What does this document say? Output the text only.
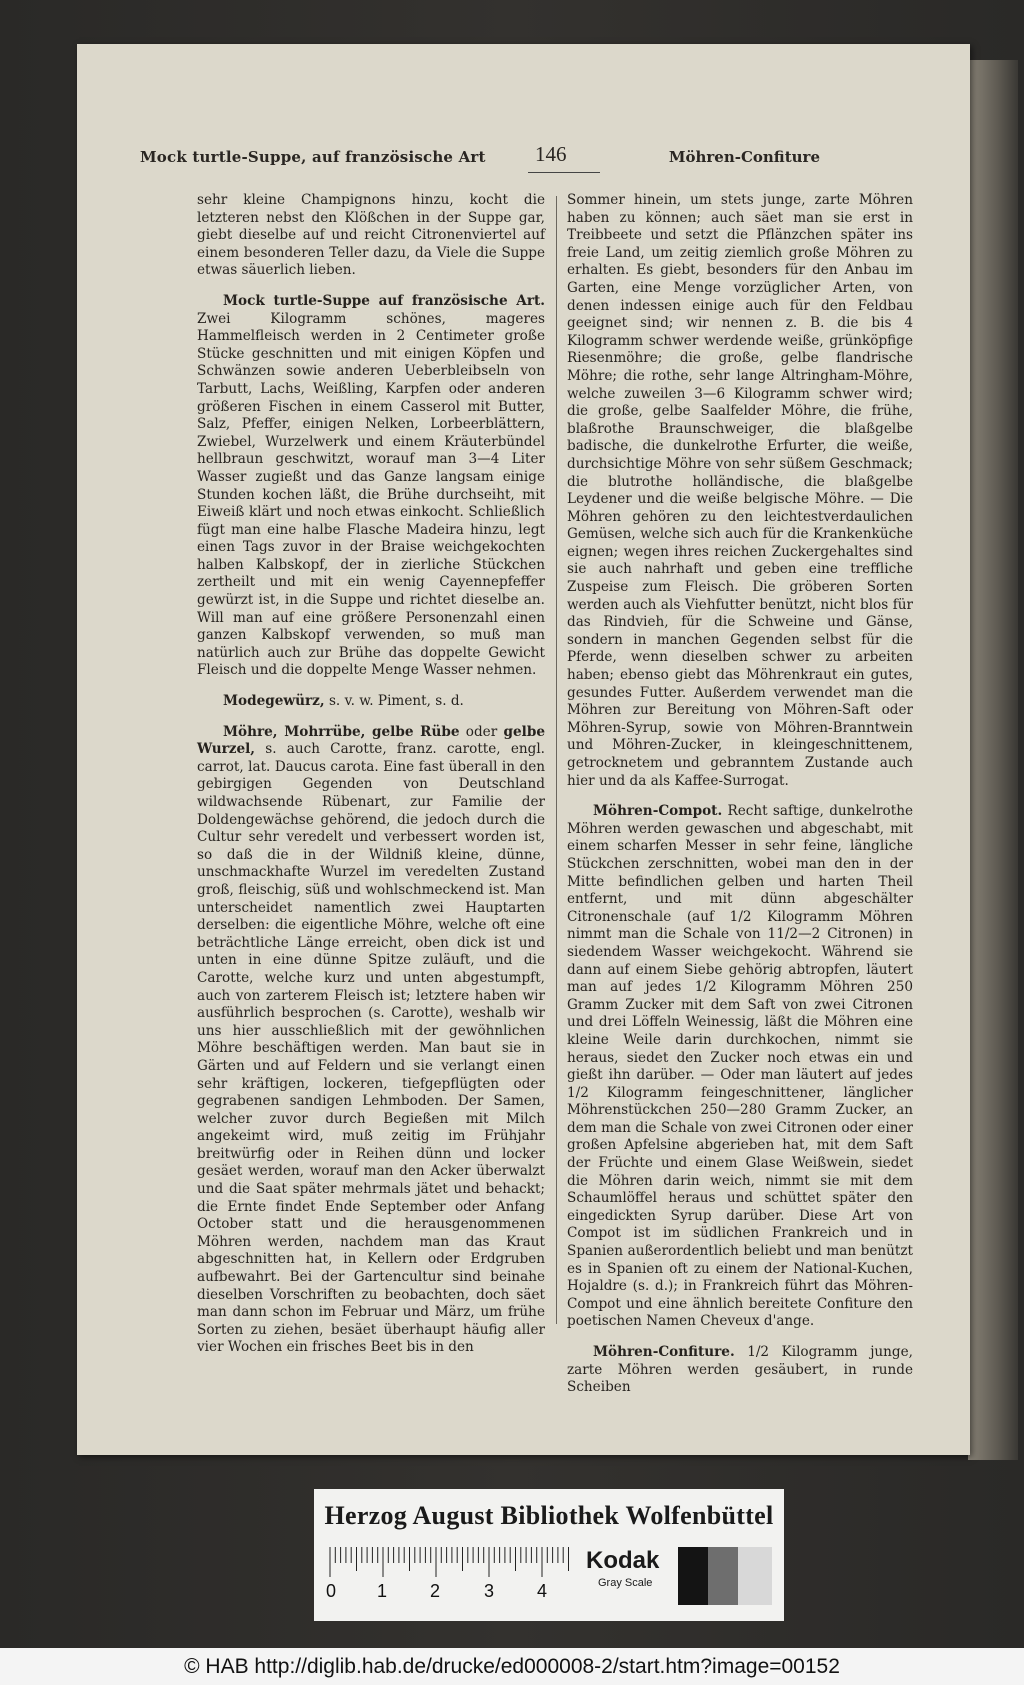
Mock turtle-Suppe, auf französische Art 146	Möhren-Confiture

sehr kleine Champignons hinzu, kocht die letzteren nebst den Klößchen in der Suppe gar, giebt dieselbe auf und reicht Citronenviertel auf einem besonderen Teller dazu, da Viele die Suppe etwas säuerlich lieben.

Mock turtle-Suppe auf französische Art. Zwei Kilogramm schönes, mageres Hammelfleisch werden in 2 Centimeter große Stücke geschnitten und mit einigen Köpfen und Schwänzen sowie anderen Ueberbleibseln von Tarbutt, Lachs, Weißling, Karpfen oder anderen größeren Fischen in einem Casserol mit Butter, Salz, Pfeffer, einigen Nelken, Lorbeerblättern, Zwiebel, Wurzelwerk und einem Kräuterbündel hellbraun geschwitzt, worauf man 3—4 Liter Wasser zugießt und das Ganze langsam einige Stunden kochen läßt, die Brühe durchseiht, mit Eiweiß klärt und noch etwas einkocht. Schließlich fügt man eine halbe Flasche Madeira hinzu, legt einen Tags zuvor in der Braise weichgekochten halben Kalbskopf, der in zierliche Stückchen zertheilt und mit ein wenig Cayennepfeffer gewürzt ist, in die Suppe und richtet dieselbe an. Will man auf eine größere Personenzahl einen ganzen Kalbskopf verwenden, so muß man natürlich auch zur Brühe das doppelte Gewicht Fleisch und die doppelte Menge Wasser nehmen.

Modegewürz, s. v. w. Piment, s. d.

Möhre, Mohrrübe, gelbe Rübe oder gelbe Wurzel, s. auch Carotte, franz. carotte, engl. carrot, lat. Daucus carota. Eine fast überall in den gebirgigen Gegenden von Deutschland wildwachsende Rübenart, zur Familie der Doldengewächse gehörend, die jedoch durch die Cultur sehr veredelt und verbessert worden ist, so daß die in der Wildniß kleine, dünne, unschmackhafte Wurzel im veredelten Zustand groß, fleischig, süß und wohlschmeckend ist. Man unterscheidet namentlich zwei Hauptarten derselben: die eigentliche Möhre, welche oft eine beträchtliche Länge erreicht, oben dick ist und unten in eine dünne Spitze zuläuft, und die Carotte, welche kurz und unten abgestumpft, auch von zarterem Fleisch ist; letztere haben wir ausführlich besprochen (s. Carotte), weshalb wir uns hier ausschließlich mit der gewöhnlichen Möhre beschäftigen werden. Man baut sie in Gärten und auf Feldern und sie verlangt einen sehr kräftigen, lockeren, tiefgepflügten oder gegrabenen sandigen Lehmboden. Der Samen, welcher zuvor durch Begießen mit Milch angekeimt wird, muß zeitig im Frühjahr breitwürfig oder in Reihen dünn und locker gesäet werden, worauf man den Acker überwalzt und die Saat später mehrmals jätet und behackt; die Ernte findet Ende September oder Anfang October statt und die herausgenommenen Möhren werden, nachdem man das Kraut abgeschnitten hat, in Kellern oder Erdgruben aufbewahrt. Bei der Gartencultur sind beinahe dieselben Vorschriften zu beobachten, doch säet man dann schon im Februar und März, um frühe Sorten zu ziehen, besäet überhaupt häufig aller vier Wochen ein frisches Beet bis in den

Sommer hinein, um stets junge, zarte Möhren haben zu können; auch säet man sie erst in Treibbeete und setzt die Pflänzchen später ins freie Land, um zeitig ziemlich große Möhren zu erhalten. Es giebt, besonders für den Anbau im Garten, eine Menge vorzüglicher Arten, von denen indessen einige auch für den Feldbau geeignet sind; wir nennen z. B. die bis 4 Kilogramm schwer werdende weiße, grünköpfige Riesenmöhre; die große, gelbe flandrische Möhre; die rothe, sehr lange Altringham-Möhre, welche zuweilen 3—6 Kilogramm schwer wird; die große, gelbe Saalfelder Möhre, die frühe, blaßrothe Braunschweiger, die blaßgelbe badische, die dunkelrothe Erfurter, die weiße, durchsichtige Möhre von sehr süßem Geschmack; die blutrothe holländische, die blaßgelbe Leydener und die weiße belgische Möhre. — Die Möhren gehören zu den leichtestverdaulichen Gemüsen, welche sich auch für die Krankenküche eignen; wegen ihres reichen Zuckergehaltes sind sie auch nahrhaft und geben eine treffliche Zuspeise zum Fleisch. Die gröberen Sorten werden auch als Viehfutter benützt, nicht blos für das Rindvieh, für die Schweine und Gänse, sondern in manchen Gegenden selbst für die Pferde, wenn dieselben schwer zu arbeiten haben; ebenso giebt das Möhrenkraut ein gutes, gesundes Futter. Außerdem verwendet man die Möhren zur Bereitung von Möhren-Saft oder Möhren-Syrup, sowie von Möhren-Branntwein und Möhren-Zucker, in kleingeschnittenem, getrocknetem und gebranntem Zustande auch hier und da als Kaffee-Surrogat.

Möhren-Compot. Recht saftige, dunkelrothe Möhren werden gewaschen und abgeschabt, mit einem scharfen Messer in sehr feine, längliche Stückchen zerschnitten, wobei man den in der Mitte befindlichen gelben und harten Theil entfernt, und mit dünn abgeschälter Citronenschale (auf 1/2 Kilogramm Möhren nimmt man die Schale von 11/2—2 Citronen) in siedendem Wasser weichgekocht. Während sie dann auf einem Siebe gehörig abtropfen, läutert man auf jedes 1/2 Kilogramm Möhren 250 Gramm Zucker mit dem Saft von zwei Citronen und drei Löffeln Weinessig, läßt die Möhren eine kleine Weile darin durchkochen, nimmt sie heraus, siedet den Zucker noch etwas ein und gießt ihn darüber. — Oder man läutert auf jedes 1/2 Kilogramm feingeschnittener, länglicher Möhrenstückchen 250—280 Gramm Zucker, an dem man die Schale von zwei Citronen oder einer großen Apfelsine abgerieben hat, mit dem Saft der Früchte und einem Glase Weißwein, siedet die Möhren darin weich, nimmt sie mit dem Schaumlöffel heraus und schüttet später den eingedickten Syrup darüber. Diese Art von Compot ist im südlichen Frankreich und in Spanien außerordentlich beliebt und man benützt es in Spanien oft zu einem der National-Kuchen, Hojaldre (s. d.); in Frankreich führt das Möhren-Compot und eine ähnlich bereitete Confiture den poetischen Namen Cheveux d'ange.

Möhren-Confiture. 1/2 Kilogramm junge, zarte Möhren werden gesäubert, in runde Scheiben

Herzog August Bibliothek Wolfenbüttel
0 1 2 3 4
Kodak
Gray Scale
© HAB http://diglib.hab.de/drucke/ed000008-2/start.htm?image=00152
